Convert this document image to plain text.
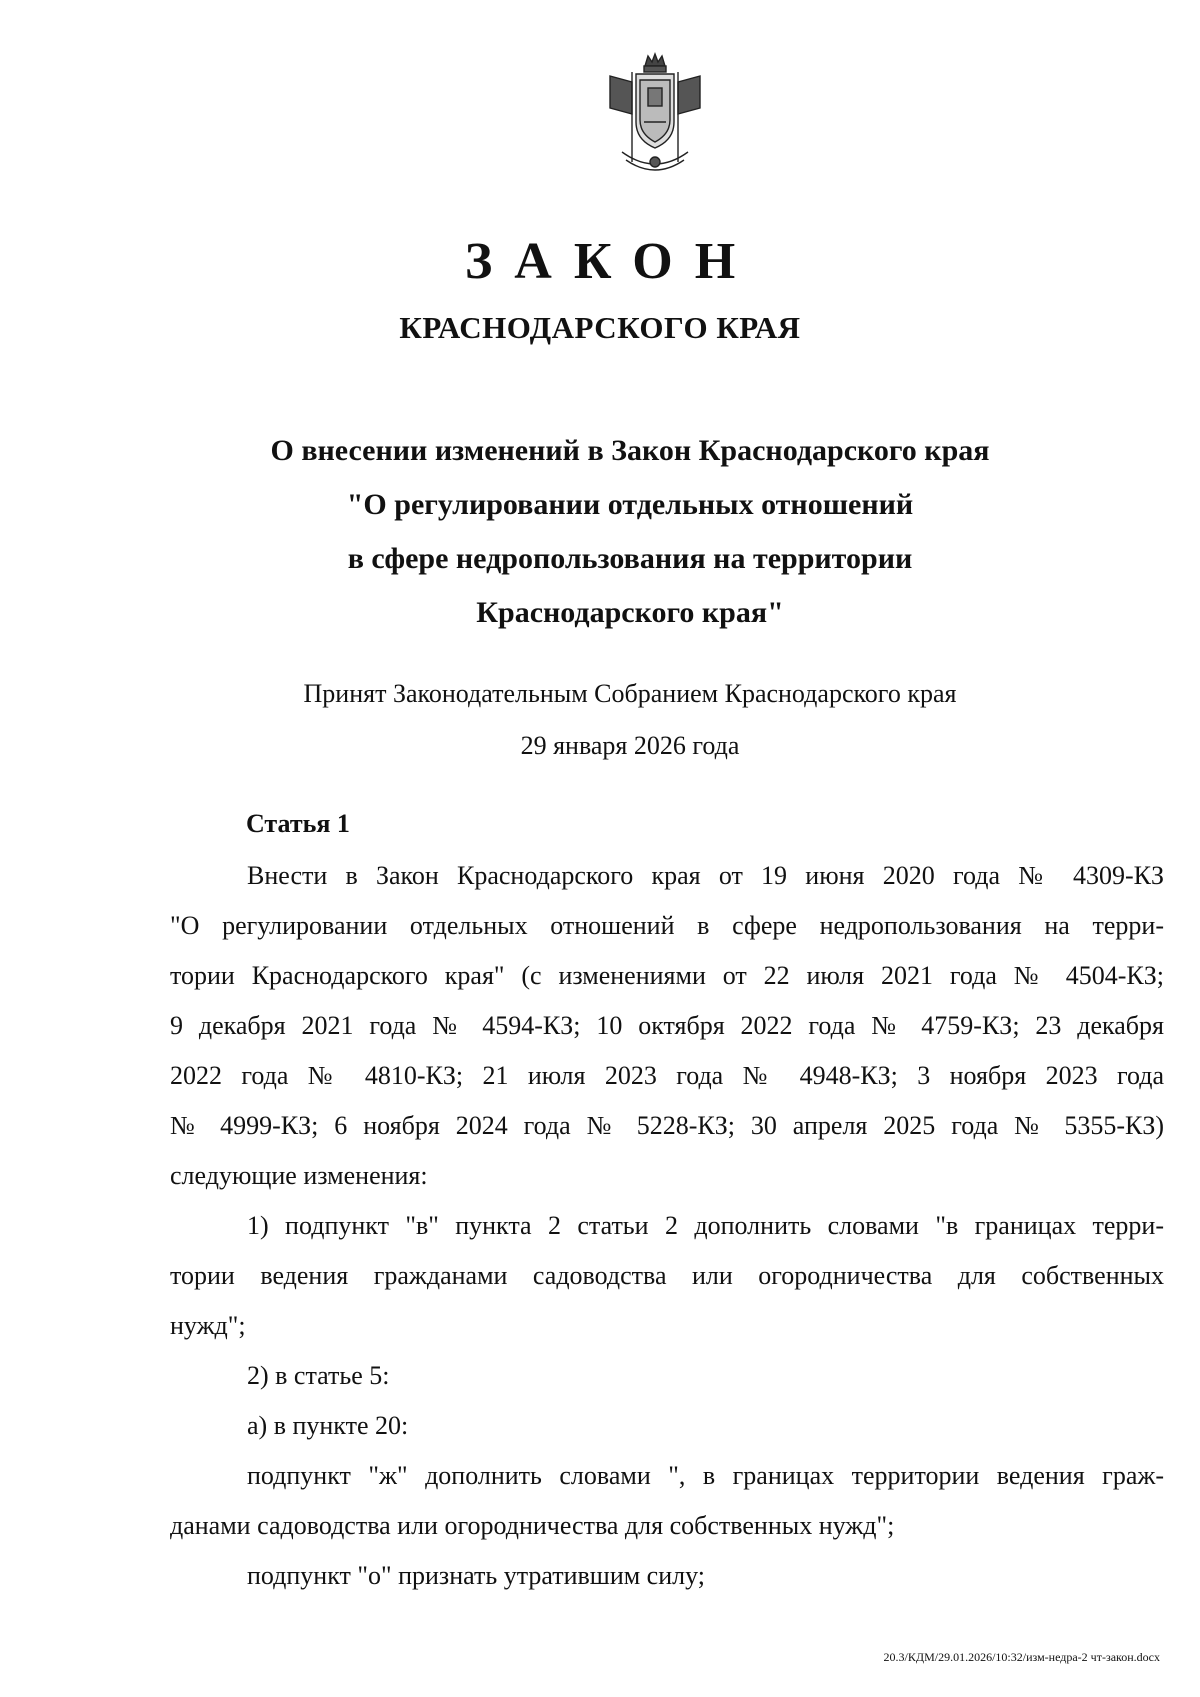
ЗАКОН
КРАСНОДАРСКОГО КРАЯ
О внесении изменений в Закон Краснодарского края
"О регулировании отдельных отношений
в сфере недропользования на территории
Краснодарского края"
Принят Законодательным Собранием Краснодарского края
29 января 2026 года
Статья 1
Внести в Закон Краснодарского края от 19 июня 2020 года № 4309-КЗ
"О регулировании отдельных отношений в сфере недропользования на терри-
тории Краснодарского края" (с изменениями от 22 июля 2021 года № 4504-КЗ;
9 декабря 2021 года № 4594-КЗ; 10 октября 2022 года № 4759-КЗ; 23 декабря
2022 года № 4810-КЗ; 21 июля 2023 года № 4948-КЗ; 3 ноября 2023 года
№ 4999-КЗ; 6 ноября 2024 года № 5228-КЗ; 30 апреля 2025 года № 5355-КЗ)
следующие изменения:
1) подпункт "в" пункта 2 статьи 2 дополнить словами "в границах терри-
тории ведения гражданами садоводства или огородничества для собственных
нужд";
2) в статье 5:
а) в пункте 20:
подпункт "ж" дополнить словами ", в границах территории ведения граж-
данами садоводства или огородничества для собственных нужд";
подпункт "о" признать утратившим силу;
20.3/КДМ/29.01.2026/10:32/изм-недра-2 чт-закон.docx
